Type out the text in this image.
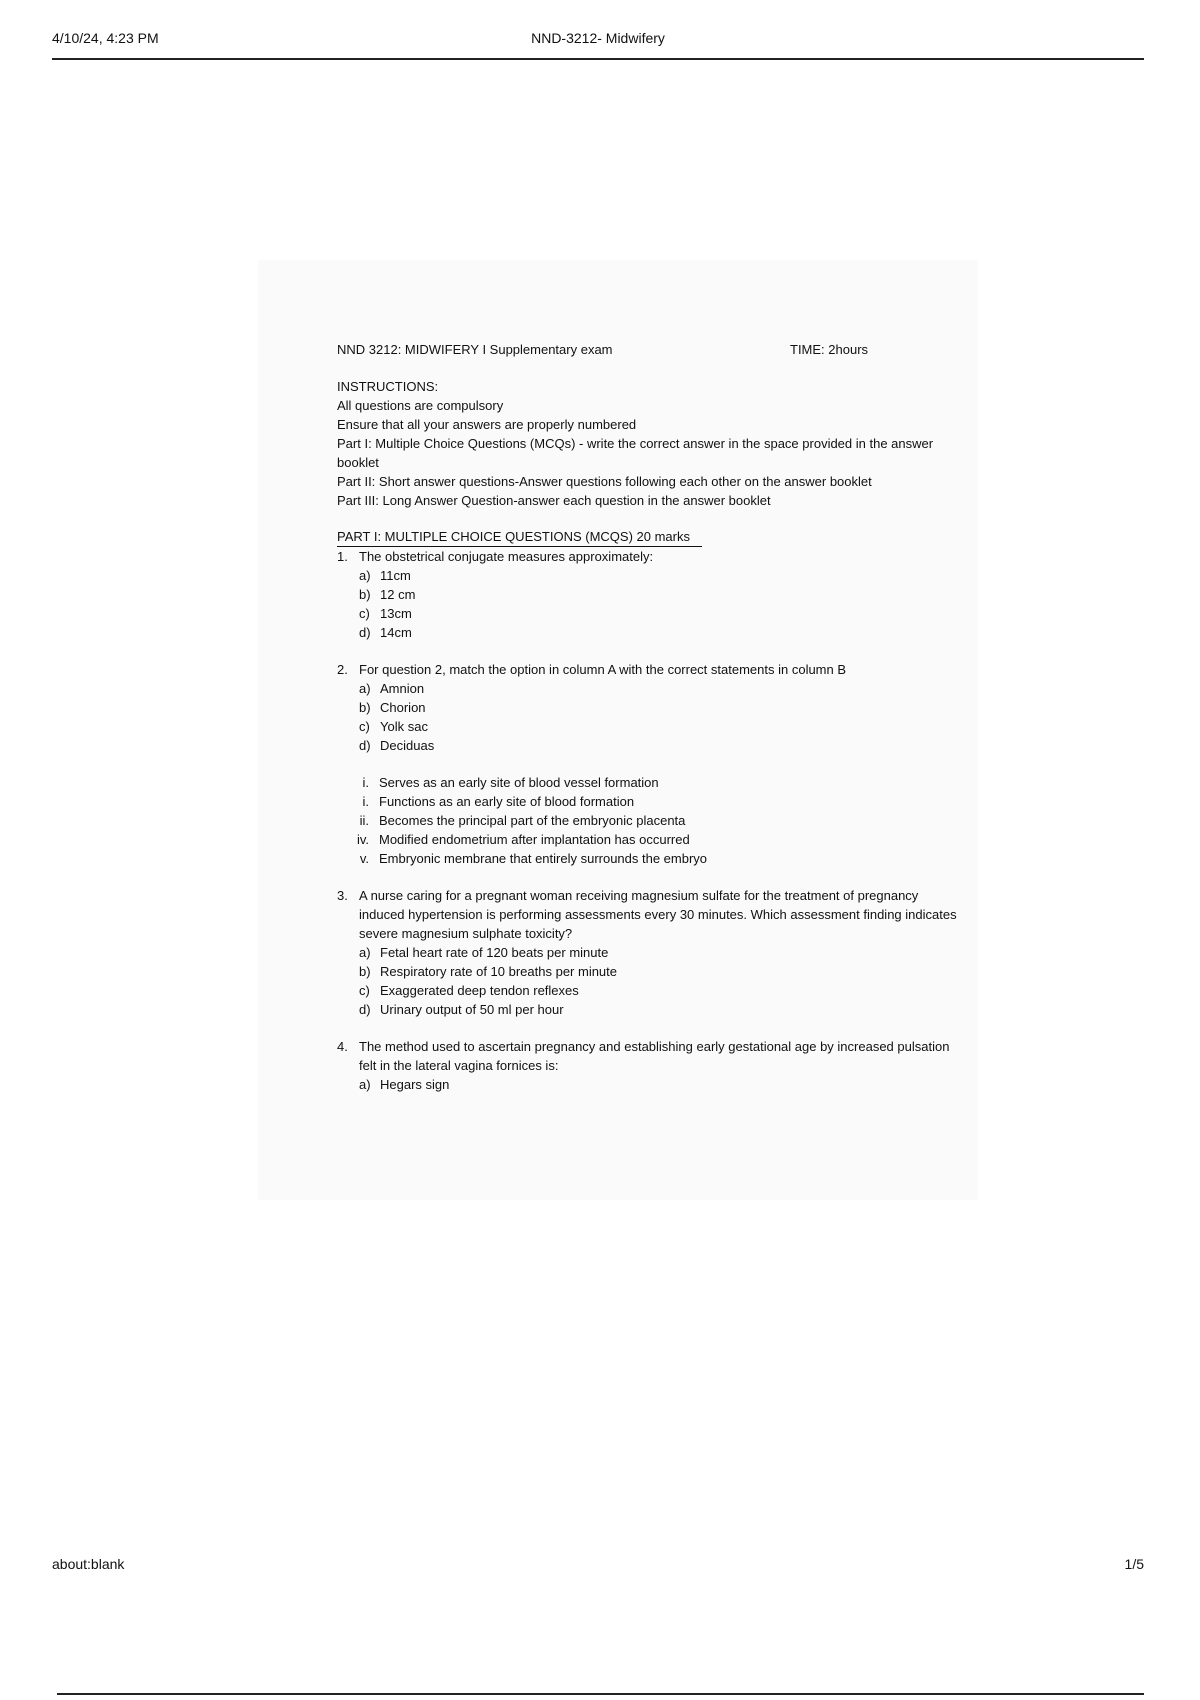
4/10/24, 4:23 PM	NND-3212- Midwifery
NND 3212: MIDWIFERY I Supplementary exam	TIME: 2hours
INSTRUCTIONS:
All questions are compulsory
Ensure that all your answers are properly numbered
Part I: Multiple Choice Questions (MCQs) - write the correct answer in the space provided in the answer booklet
Part II: Short answer questions-Answer questions following each other on the answer booklet
Part III: Long Answer Question-answer each question in the answer booklet
PART I: MULTIPLE CHOICE QUESTIONS (MCQS) 20 marks
1. The obstetrical conjugate measures approximately:
a) 11cm
b) 12 cm
c) 13cm
d) 14cm
2. For question 2, match the option in column A with the correct statements in column B
a) Amnion
b) Chorion
c) Yolk sac
d) Deciduas
i. Serves as an early site of blood vessel formation
i. Functions as an early site of blood formation
ii. Becomes the principal part of the embryonic placenta
iv. Modified endometrium after implantation has occurred
v. Embryonic membrane that entirely surrounds the embryo
3. A nurse caring for a pregnant woman receiving magnesium sulfate for the treatment of pregnancy induced hypertension is performing assessments every 30 minutes. Which assessment finding indicates severe magnesium sulphate toxicity?
a) Fetal heart rate of 120 beats per minute
b) Respiratory rate of 10 breaths per minute
c) Exaggerated deep tendon reflexes
d) Urinary output of 50 ml per hour
4. The method used to ascertain pregnancy and establishing early gestational age by increased pulsation felt in the lateral vagina fornices is:
a) Hegars sign
about:blank	1/5
